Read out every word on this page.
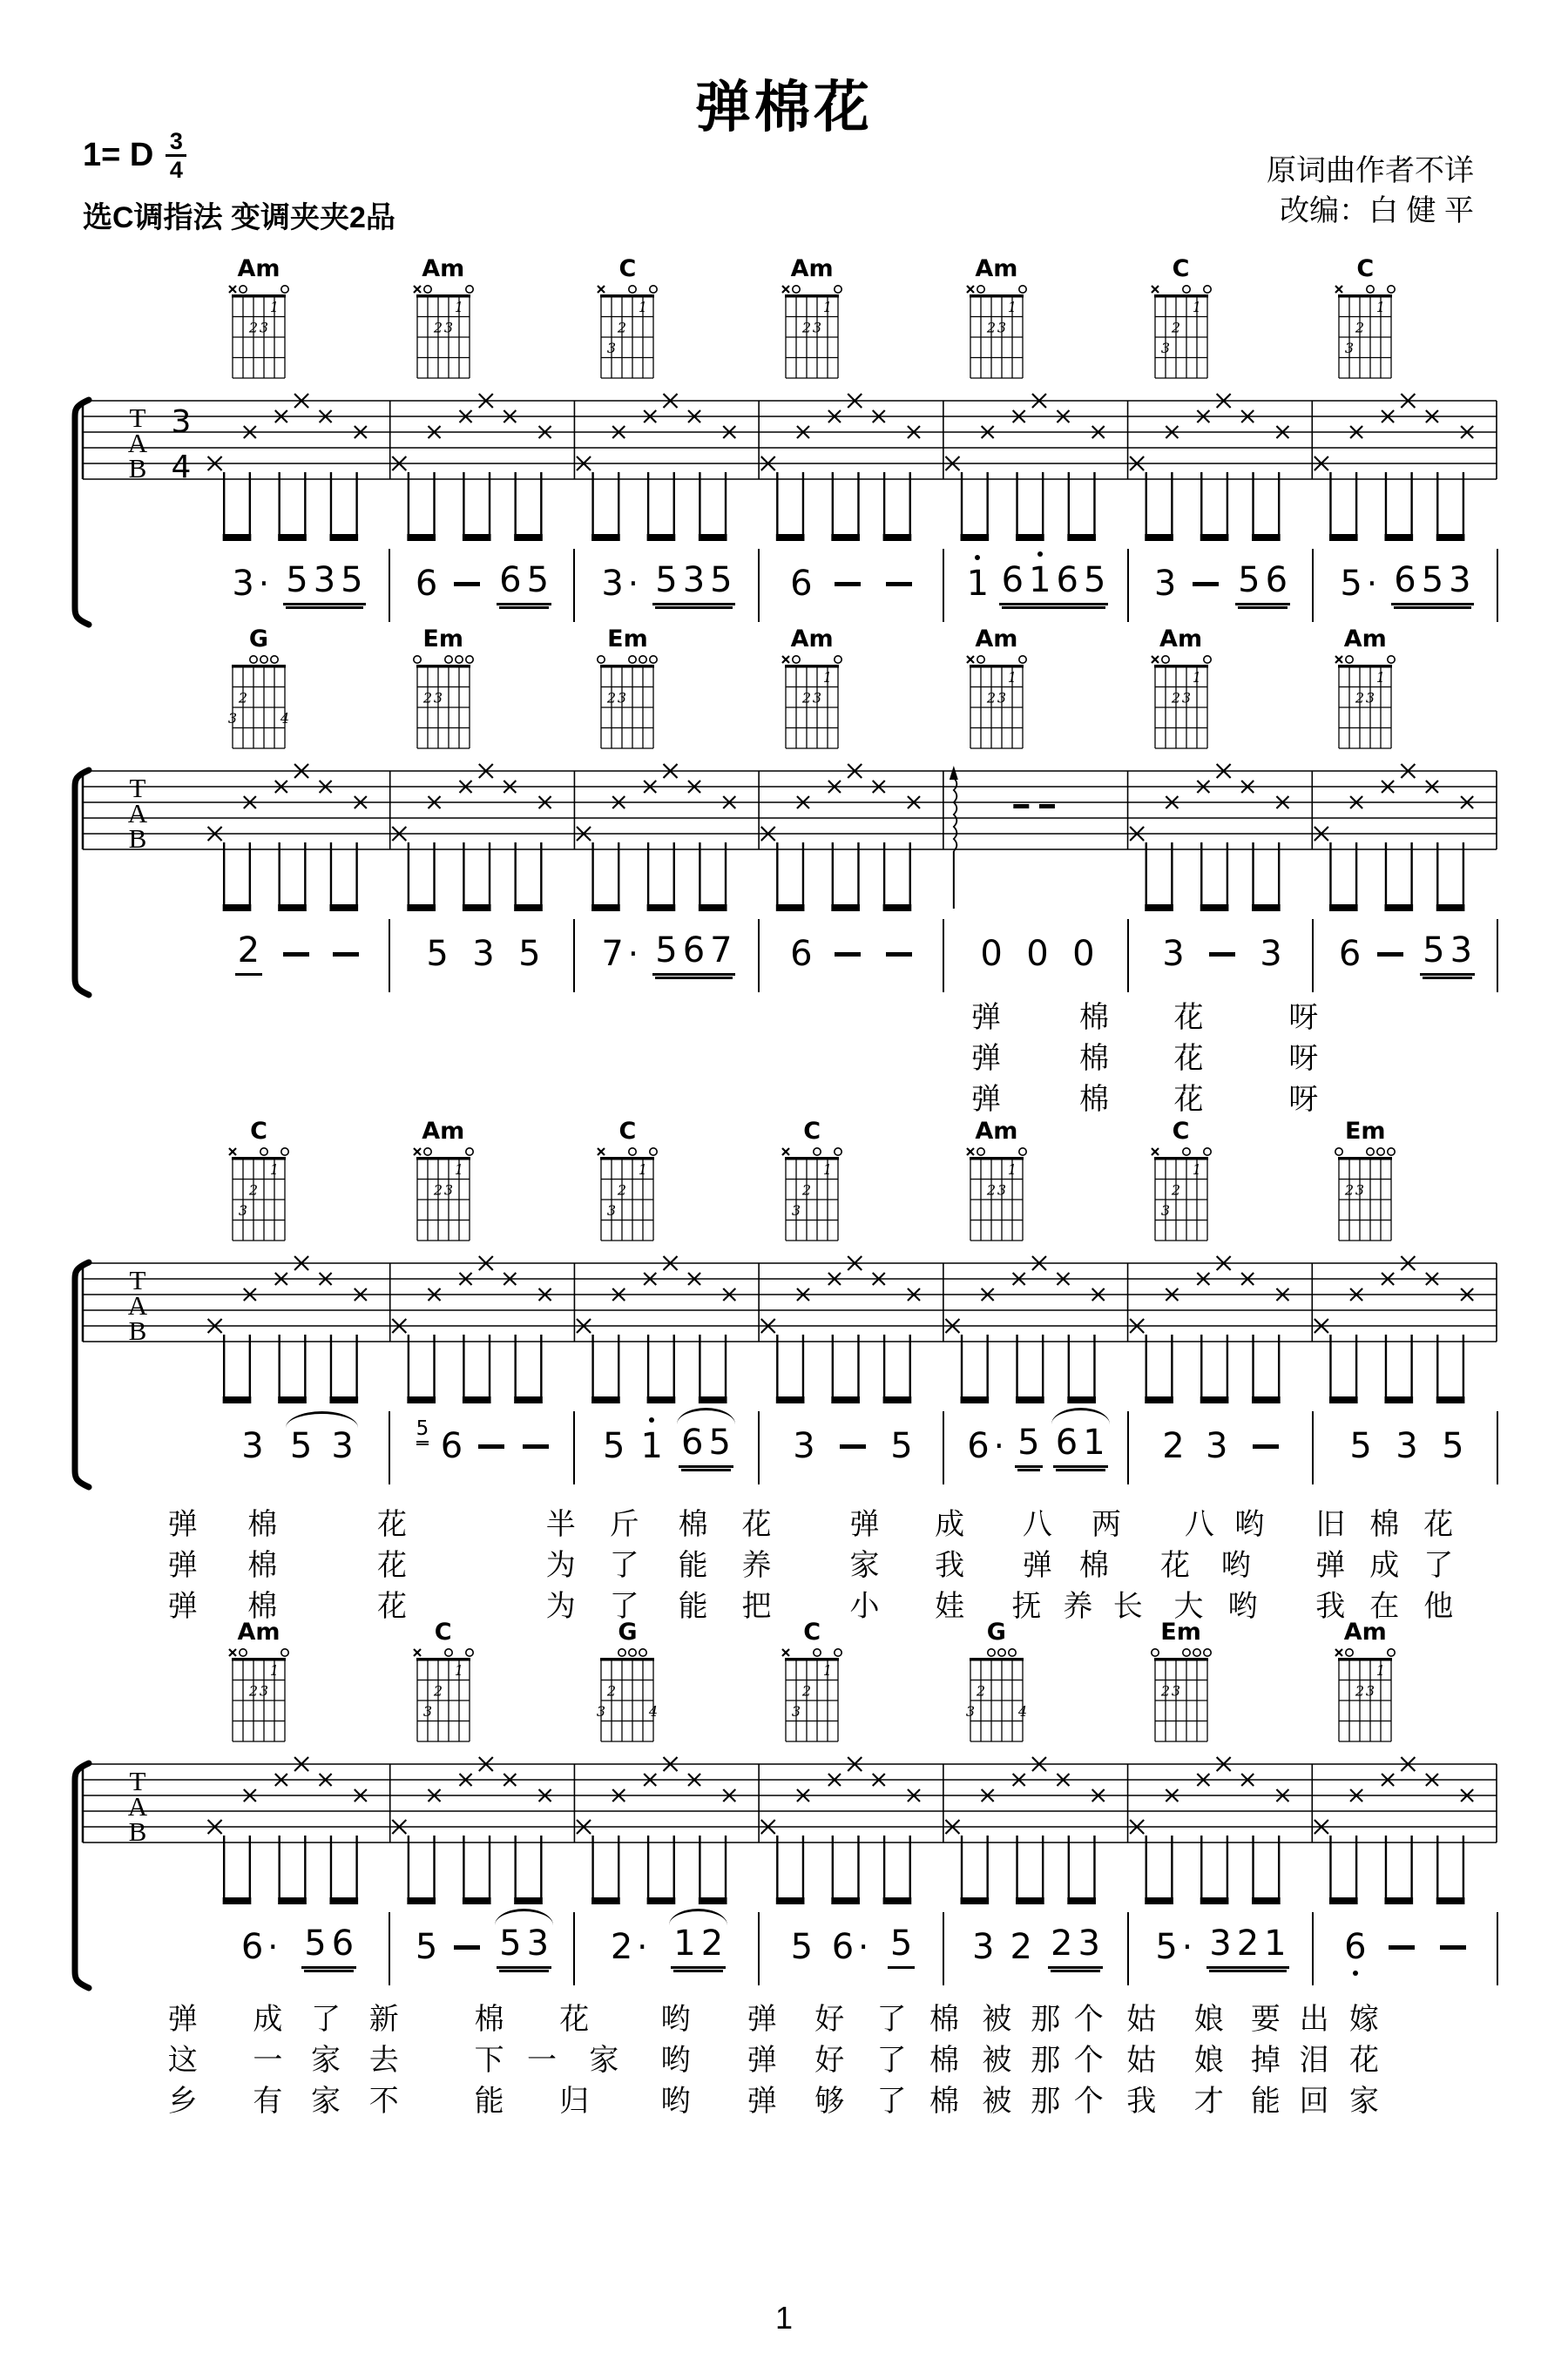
弹棉花
1= D $\frac{3}{4}$
选C调指法 变调夹夹2品
原词曲作者不详
改编：白 健 平
Am
1
2 3
Am
1
2 3
C
1
2
3
Am
1
2 3
Am
1
2 3
C
1
2
3
C
1
2
3
T
A
B
3
4
3 · 5 3 5 6 6 5 3 · 5 3 5 6	1 6 1 6 5 3 5 6 5 · 6 5 3
G
2
3	4
Em
2 3
Em
2 3
Am
1
2 3
Am
1
2 3
Am
1
2 3
Am
1
2 3
T
A
B
2	5 3 5 7 · 5 6 7 6	0 0 0 3 3 6 5 3
弹	棉 花	呀
弹	棉 花	呀
弹	棉 花	呀
C
1
2
3
Am
1
2 3
C
1
2
3
C
1
2
3
Am
1
2 3
C
1
2
3
Em
2 3
T
A
B
3 5 3	5 6	5 1 6 5 3 5 6 · 5 6 1 2 3	5 3 5
弹 棉	花	半 斤 棉 花	弹 成 八 两 八 哟 旧 棉 花
弹 棉	花	为 了 能 养	家 我 弹 棉 花 哟 弹 成 了
弹 棉	花	为 了 能 把	小 娃 抚 养 长 大 哟 我 在 他
Am
1
2 3
C
1
2
3
G
2
3	4
C
1
2
3
G
2
3	4
Em
2 3
Am
1
2 3
T
A
B
6 · 5 6 5 5 3 2 · 1 2 5 6 · 5 3 2 2 3 5 · 3 2 1 6
弹 成 了 新	棉 花 哟 弹 好 了 棉 被 那 个 姑 娘 要 出 嫁
这 一 家 去	下 一 家 哟 弹 好 了 棉 被 那 个 姑 娘 掉 泪 花
乡 有 家 不	能 归 哟 弹 够 了 棉 被 那 个 我 才 能 回 家
1
